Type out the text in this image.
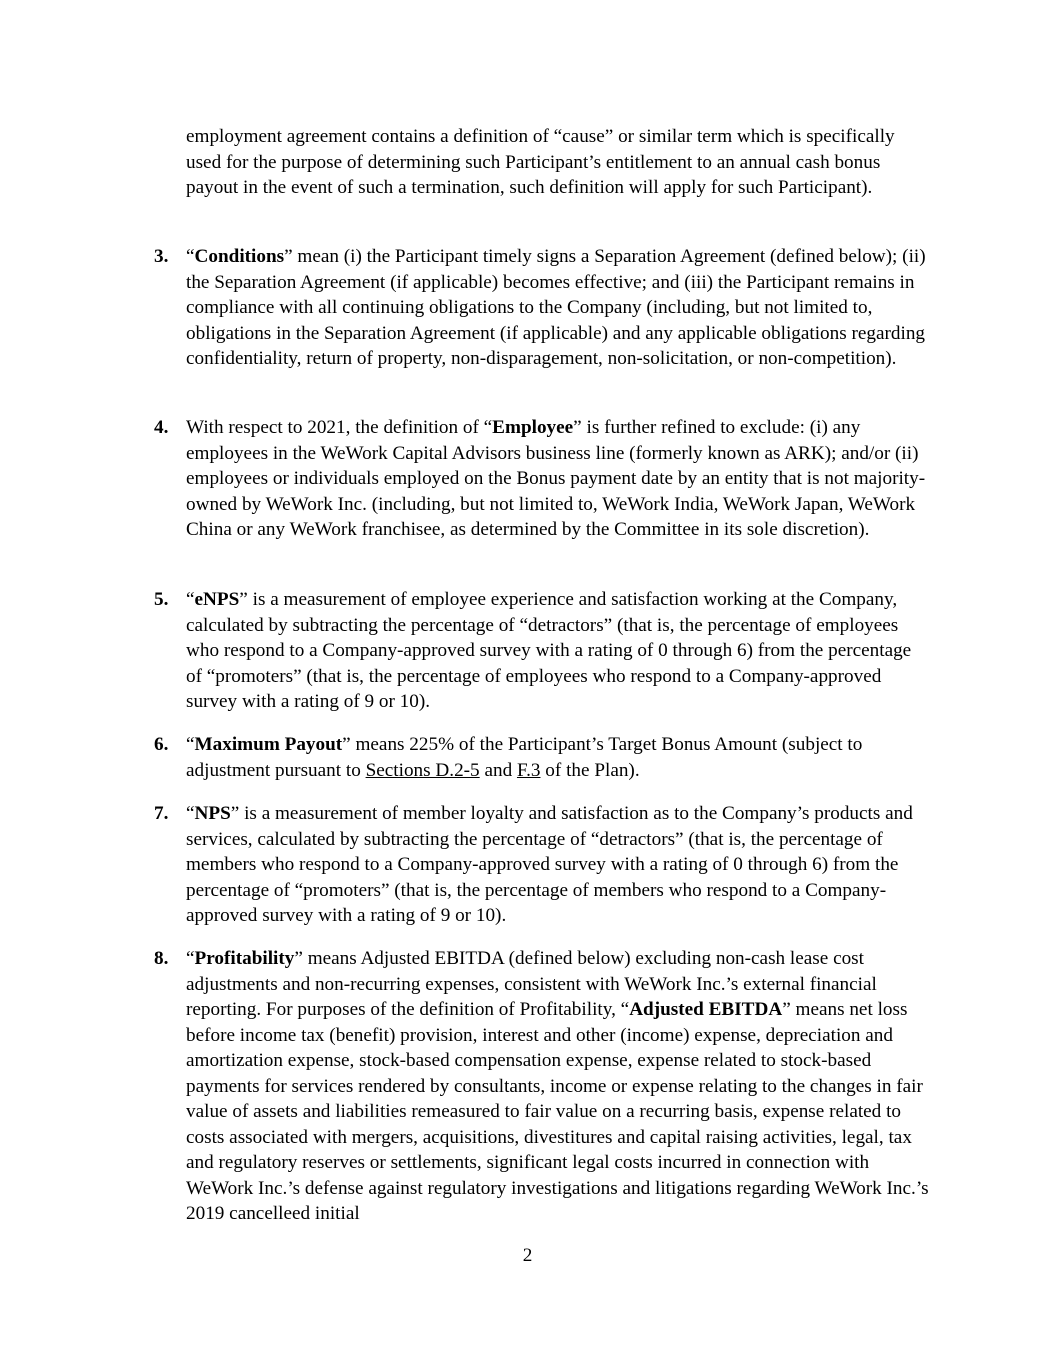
employment agreement contains a definition of “cause” or similar term which is specifically used for the purpose of determining such Participant’s entitlement to an annual cash bonus payout in the event of such a termination, such definition will apply for such Participant).

3. “Conditions” mean (i) the Participant timely signs a Separation Agreement (defined below); (ii) the Separation Agreement (if applicable) becomes effective; and (iii) the Participant remains in compliance with all continuing obligations to the Company (including, but not limited to, obligations in the Separation Agreement (if applicable) and any applicable obligations regarding confidentiality, return of property, non-disparagement, non-solicitation, or non-competition).

4. With respect to 2021, the definition of “Employee” is further refined to exclude: (i) any employees in the WeWork Capital Advisors business line (formerly known as ARK); and/or (ii) employees or individuals employed on the Bonus payment date by an entity that is not majority-owned by WeWork Inc. (including, but not limited to, WeWork India, WeWork Japan, WeWork China or any WeWork franchisee, as determined by the Committee in its sole discretion).

5. “eNPS” is a measurement of employee experience and satisfaction working at the Company, calculated by subtracting the percentage of “detractors” (that is, the percentage of employees who respond to a Company-approved survey with a rating of 0 through 6) from the percentage of “promoters” (that is, the percentage of employees who respond to a Company-approved survey with a rating of 9 or 10).

6. “Maximum Payout” means 225% of the Participant’s Target Bonus Amount (subject to adjustment pursuant to Sections D.2-5 and F.3 of the Plan).

7. “NPS” is a measurement of member loyalty and satisfaction as to the Company’s products and services, calculated by subtracting the percentage of “detractors” (that is, the percentage of members who respond to a Company-approved survey with a rating of 0 through 6) from the percentage of “promoters” (that is, the percentage of members who respond to a Company-approved survey with a rating of 9 or 10).

8. “Profitability” means Adjusted EBITDA (defined below) excluding non-cash lease cost adjustments and non-recurring expenses, consistent with WeWork Inc.’s external financial reporting. For purposes of the definition of Profitability, “Adjusted EBITDA” means net loss before income tax (benefit) provision, interest and other (income) expense, depreciation and amortization expense, stock-based compensation expense, expense related to stock-based payments for services rendered by consultants, income or expense relating to the changes in fair value of assets and liabilities remeasured to fair value on a recurring basis, expense related to costs associated with mergers, acquisitions, divestitures and capital raising activities, legal, tax and regulatory reserves or settlements, significant legal costs incurred in connection with WeWork Inc.’s defense against regulatory investigations and litigations regarding WeWork Inc.’s 2019 cancelleed initial

2
